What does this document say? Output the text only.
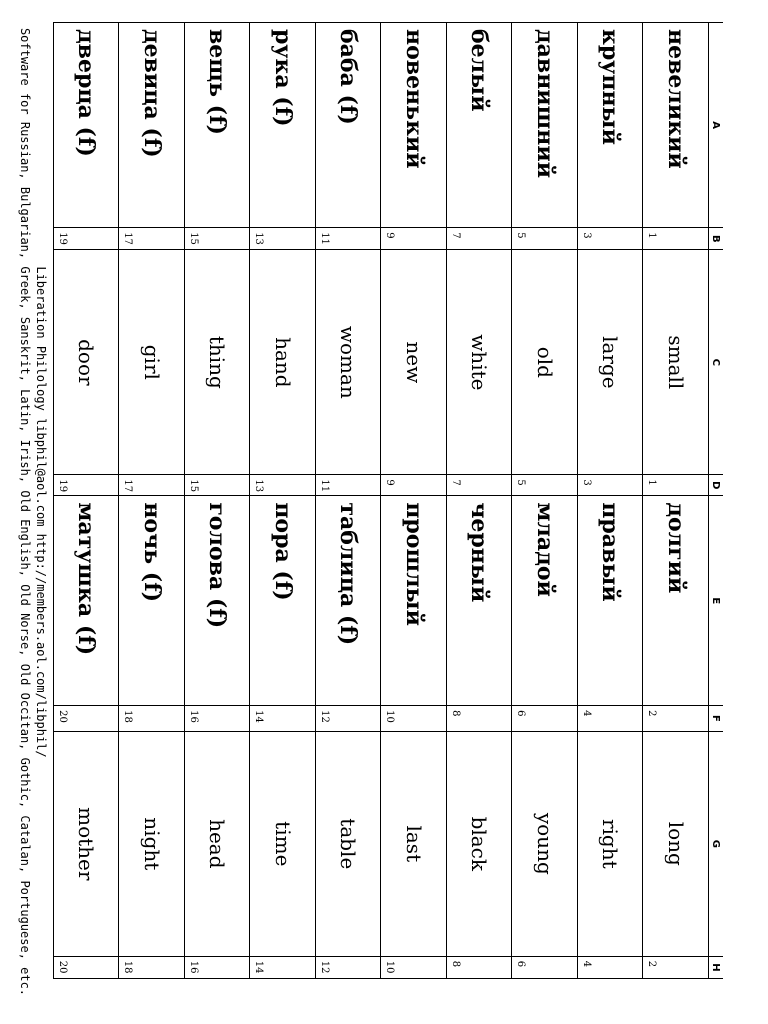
A	B	C	D	E	F	G	H
невеликий	1	small	1	долгий	2	long	2
крупный	3	large	3	правый	4	right	4
давнишний	5	old	5	младой	6	young	6
белый	7	white	7	черный	8	black	8
новенький	9	new	9	прошлый	10	last	10
баба (f)	11	woman	11	таблица (f)	12	table	12
рука (f)	13	hand	13	пора (f)	14	time	14
вещь (f)	15	thing	15	голова (f)	16	head	16
девица (f)	17	girl	17	ночь (f)	18	night	18
дверца (f)	19	door	19	матушка (f)	20	mother	20
Liberation Philology libphil@aol.com http://members.aol.com/libphil/
Software for Russian, Bulgarian, Greek, Sanskrit, Latin, Irish, Old English, Old Norse, Old Occitan, Gothic, Catalan, Portuguese, etc.
